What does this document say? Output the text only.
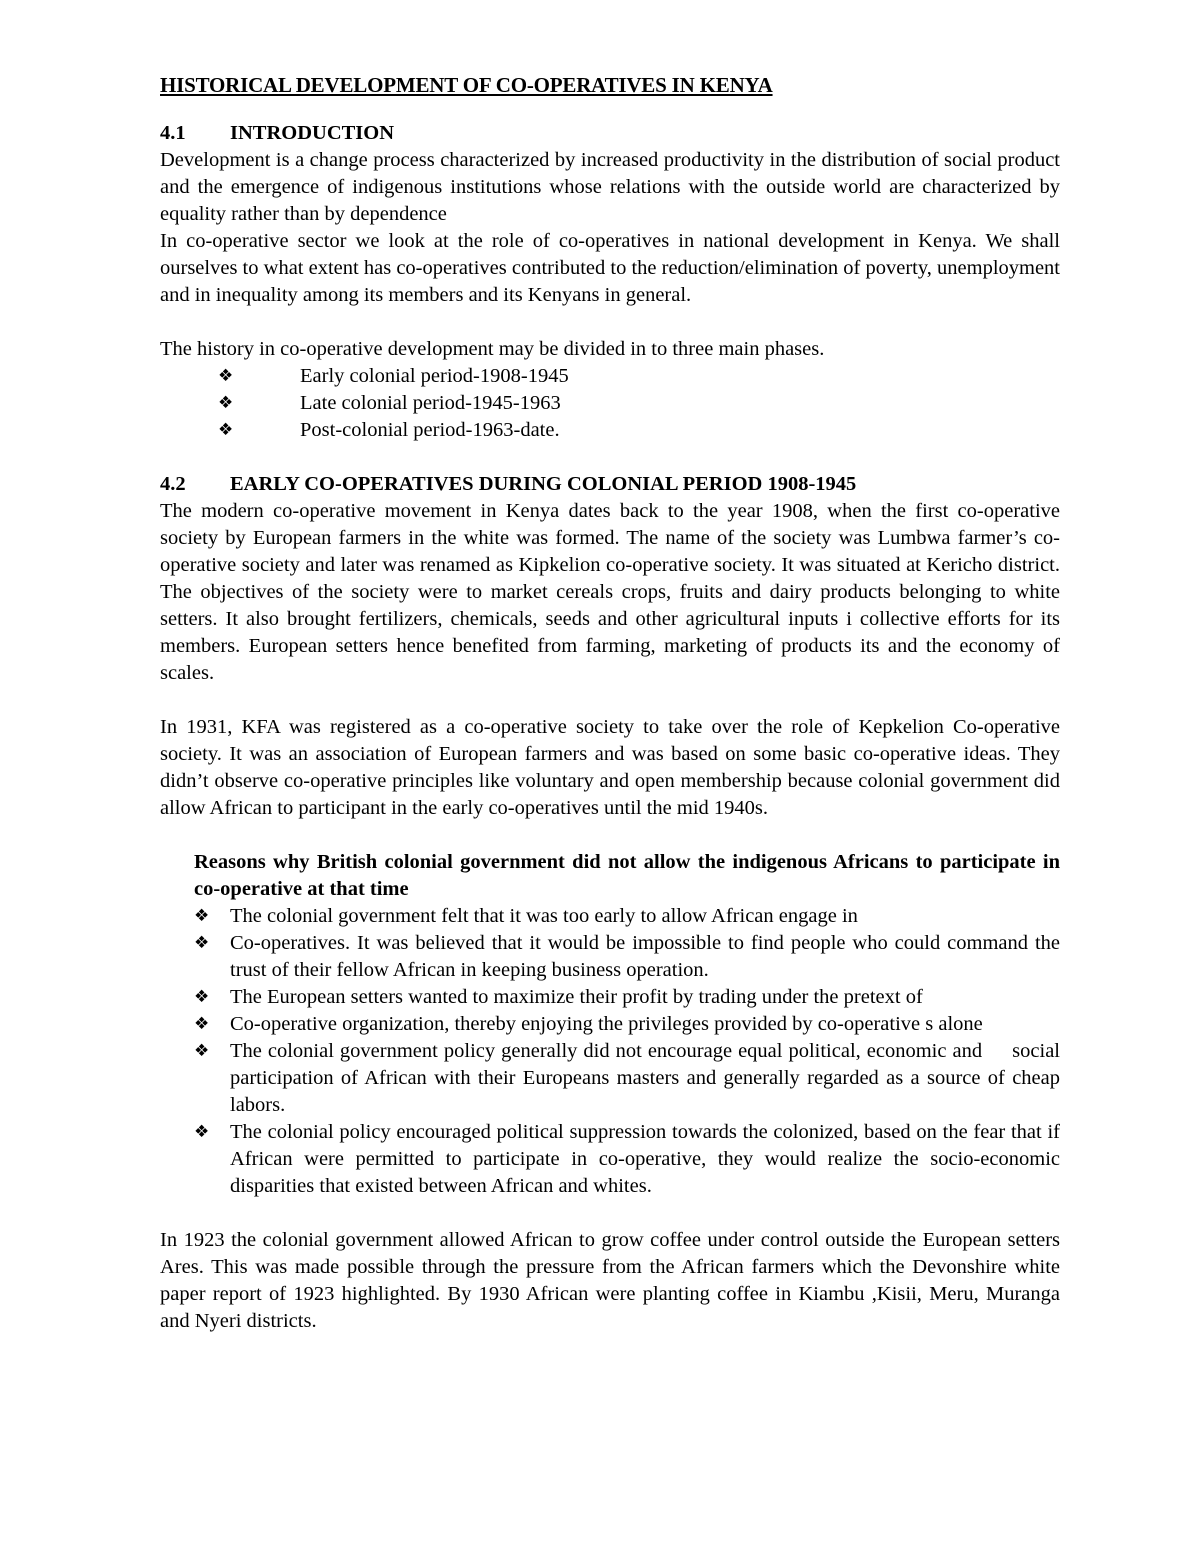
HISTORICAL DEVELOPMENT OF CO-OPERATIVES IN KENYA
4.1	INTRODUCTION

Development is a change process characterized by increased productivity in the distribution of social product and the emergence of indigenous institutions whose relations with the outside world are characterized by equality rather than by dependence

In co-operative sector we look at the role of co-operatives in national development in Kenya. We shall ourselves to what extent has co-operatives contributed to the reduction/elimination of poverty, unemployment and in inequality among its members and its Kenyans in general.

The history in co-operative development may be divided in to three main phases.

❖	Early colonial period-1908-1945
❖	Late colonial period-1945-1963
❖	Post-colonial period-1963-date.
4.2	EARLY CO-OPERATIVES DURING COLONIAL PERIOD 1908-1945

The modern co-operative movement in Kenya dates back to the year 1908, when the first co-operative society by European farmers in the white was formed. The name of the society was Lumbwa farmer’s co-operative society and later was renamed as Kipkelion co-operative society. It was situated at Kericho district. The objectives of the society were to market cereals crops, fruits and dairy products belonging to white setters. It also brought fertilizers, chemicals, seeds and other agricultural inputs i collective efforts for its members. European setters hence benefited from farming, marketing of products its and the economy of scales.

In 1931, KFA was registered as a co-operative society to take over the role of Kepkelion Co-operative society. It was an association of European farmers and was based on some basic co-operative ideas. They didn’t observe co-operative principles like voluntary and open membership because colonial government did allow African to participant in the early co-operatives until the mid 1940s.

Reasons why British colonial government did not allow the indigenous Africans to participate in co-operative at that time

❖	The colonial government felt that it was too early to allow African engage in
❖	Co-operatives. It was believed that it would be impossible to find people who could command the trust of their fellow African in keeping business operation.
❖	The European setters wanted to maximize their profit by trading under the pretext of
❖	Co-operative organization, thereby enjoying the privileges provided by co-operative s alone
❖	The colonial government policy generally did not encourage equal political, economic and     social participation of African with their Europeans masters and generally regarded as a source of cheap labors.
❖	The colonial policy encouraged political suppression towards the colonized, based on the fear that if African were permitted to participate in co-operative, they would realize the socio-economic disparities that existed between African and whites.

In 1923 the colonial government allowed African to grow coffee under control outside the European setters Ares. This was made possible through the pressure from the African farmers which the Devonshire white paper report of 1923 highlighted. By 1930 African were planting coffee in Kiambu ,Kisii, Meru, Muranga and Nyeri districts.
